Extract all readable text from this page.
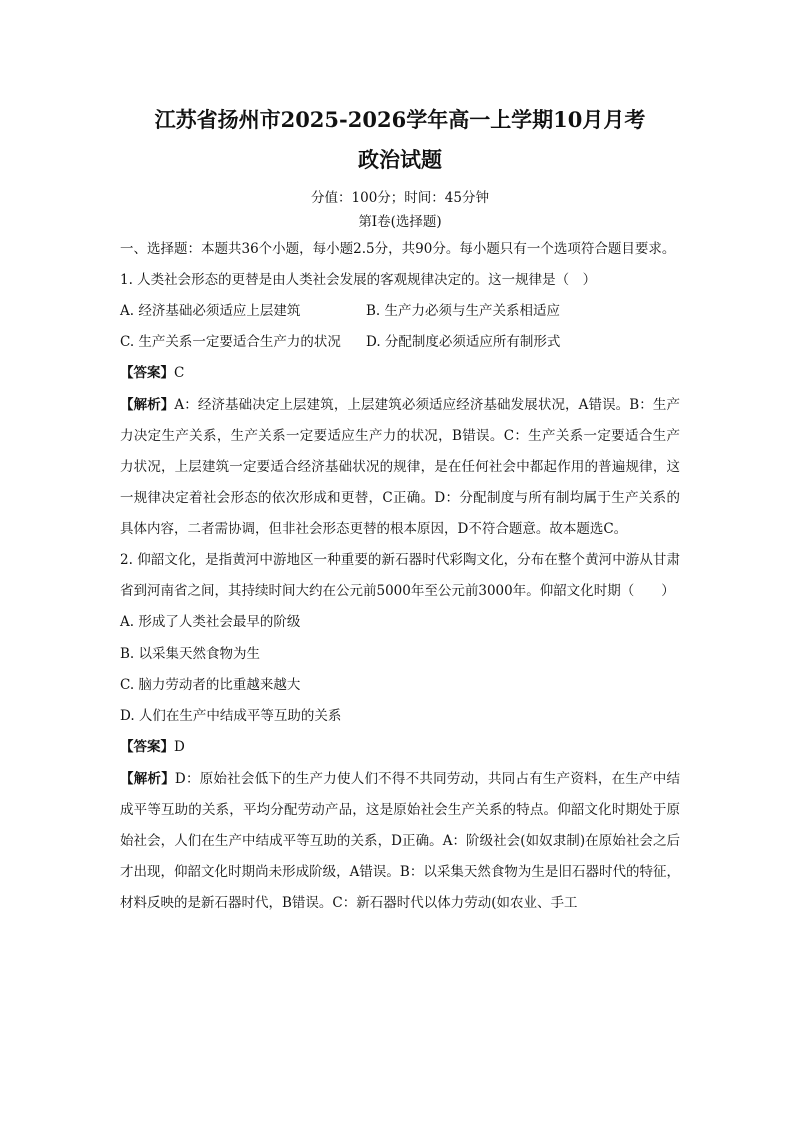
江苏省扬州市2025-2026学年高一上学期10月月考
政治试题
分值：100分；时间：45分钟
第Ⅰ卷(选择题)

一、选择题：本题共36个小题，每小题2.5分，共90分。每小题只有一个选项符合题目要求。

1. 人类社会形态的更替是由人类社会发展的客观规律决定的。这一规律是（　）

A. 经济基础必须适应上层建筑	B. 生产力必须与生产关系相适应
C. 生产关系一定要适合生产力的状况	D. 分配制度必须适应所有制形式

【答案】C

【解析】A：经济基础决定上层建筑，上层建筑必须适应经济基础发展状况，A错误。B：生产力决定生产关系，生产关系一定要适应生产力的状况，B错误。C：生产关系一定要适合生产力状况，上层建筑一定要适合经济基础状况的规律，是在任何社会中都起作用的普遍规律，这一规律决定着社会形态的依次形成和更替，C正确。D：分配制度与所有制均属于生产关系的具体内容，二者需协调，但非社会形态更替的根本原因，D不符合题意。故本题选C。

2. 仰韶文化，是指黄河中游地区一种重要的新石器时代彩陶文化，分布在整个黄河中游从甘肃省到河南省之间，其持续时间大约在公元前5000年至公元前3000年。仰韶文化时期（　　）

A. 形成了人类社会最早的阶级
B. 以采集天然食物为生
C. 脑力劳动者的比重越来越大
D. 人们在生产中结成平等互助的关系

【答案】D

【解析】D：原始社会低下的生产力使人们不得不共同劳动，共同占有生产资料，在生产中结成平等互助的关系，平均分配劳动产品，这是原始社会生产关系的特点。仰韶文化时期处于原始社会，人们在生产中结成平等互助的关系，D正确。A：阶级社会(如奴隶制)在原始社会之后才出现，仰韶文化时期尚未形成阶级，A错误。B：以采集天然食物为生是旧石器时代的特征，材料反映的是新石器时代，B错误。C：新石器时代以体力劳动(如农业、手工
